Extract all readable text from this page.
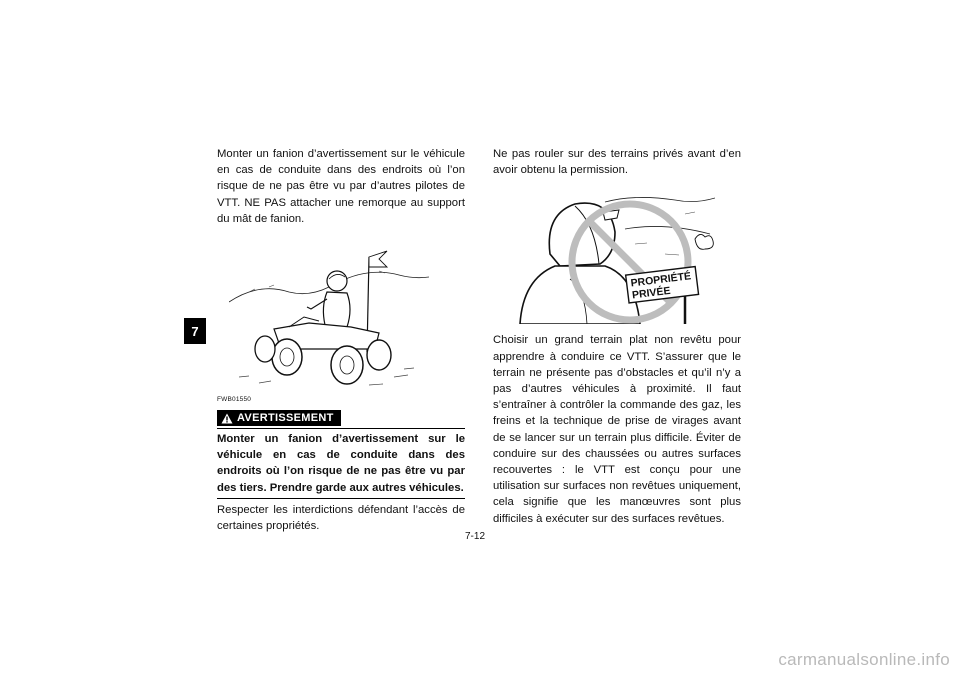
7

Monter un fanion d’avertissement sur le véhicule en cas de conduite dans des endroits où l’on risque de ne pas être vu par d’autres pilotes de VTT. NE PAS attacher une remorque au support du mât de fanion.

FWB01550
AVERTISSEMENT

Monter un fanion d’avertissement sur le véhicule en cas de conduite dans des endroits où l’on risque de ne pas être vu par des tiers. Prendre garde aux autres véhicules.

Respecter les interdictions défendant l’accès de certaines propriétés.

Ne pas rouler sur des terrains privés avant d’en avoir obtenu la permission.

PROPRIÉTÉ
PRIVÉE

Choisir un grand terrain plat non revêtu pour apprendre à conduire ce VTT. S’assurer que le terrain ne présente pas d’obstacles et qu’il n’y a pas d’autres véhicules à proximité. Il faut s’entraîner à contrôler la commande des gaz, les freins et la technique de prise de virages avant de se lancer sur un terrain plus difficile. Éviter de conduire sur des chaussées ou autres surfaces recouvertes : le VTT est conçu pour une utilisation sur surfaces non revêtues uniquement, cela signifie que les manœuvres sont plus difficiles à exécuter sur des surfaces revêtues.

7-12
carmanualsonline.info
